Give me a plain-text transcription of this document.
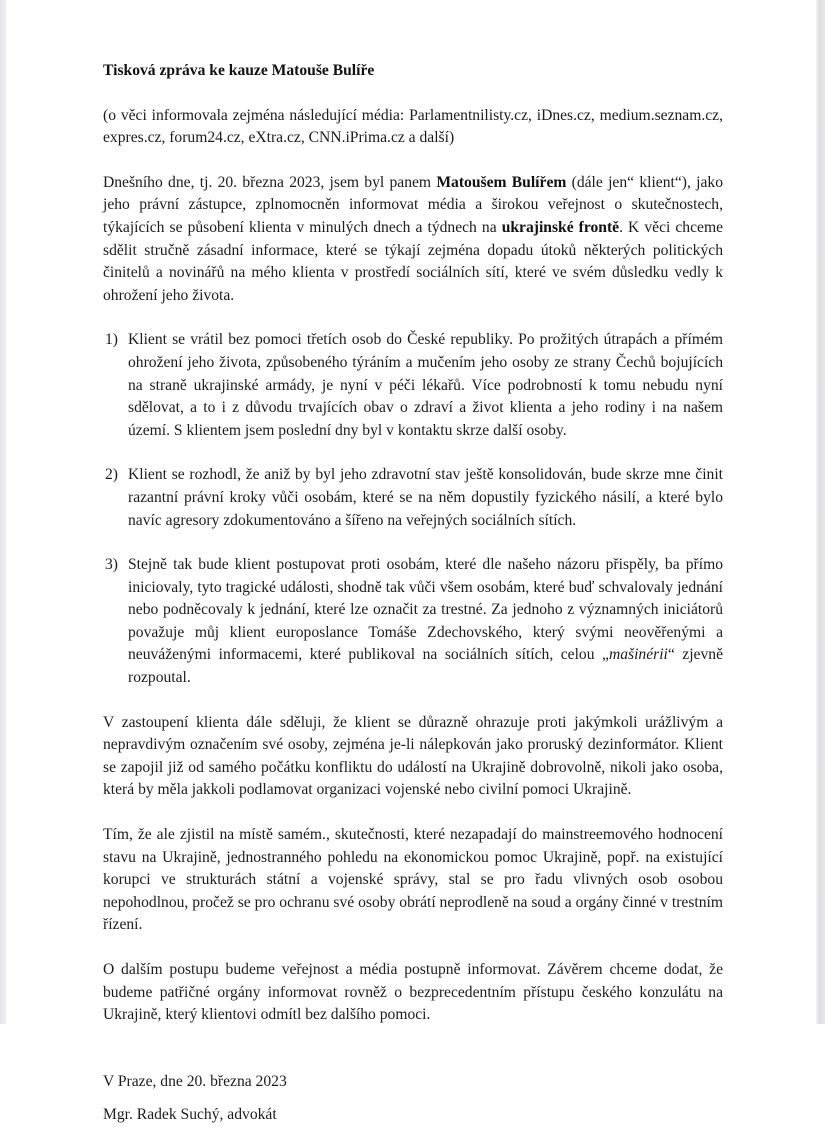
Tisková zpráva ke kauze Matouše Bulíře

(o věci informovala zejména následující média: Parlamentnilisty.cz, iDnes.cz, medium.seznam.cz, expres.cz, forum24.cz, eXtra.cz, CNN.iPrima.cz a další)

Dnešního dne, tj. 20. března 2023, jsem byl panem Matoušem Bulířem (dále jen“ klient“), jako jeho právní zástupce, zplnomocněn informovat média a širokou veřejnost o skutečnostech, týkajících se působení klienta v minulých dnech a týdnech na ukrajinské frontě. K věci chceme sdělit stručně zásadní informace, které se týkají zejména dopadu útoků některých politických činitelů a novinářů na mého klienta v prostředí sociálních sítí, které ve svém důsledku vedly k ohrožení jeho života.

1) Klient se vrátil bez pomoci třetích osob do České republiky. Po prožitých útrapách a přímém ohrožení jeho života, způsobeného týráním a mučením jeho osoby ze strany Čechů bojujících na straně ukrajinské armády, je nyní v péči lékařů. Více podrobností k tomu nebudu nyní sdělovat, a to i z důvodu trvajících obav o zdraví a život klienta a jeho rodiny i na našem území. S klientem jsem poslední dny byl v kontaktu skrze další osoby.
2) Klient se rozhodl, že aniž by byl jeho zdravotní stav ještě konsolidován, bude skrze mne činit razantní právní kroky vůči osobám, které se na něm dopustily fyzického násilí, a které bylo navíc agresory zdokumentováno a šířeno na veřejných sociálních sítích.
3) Stejně tak bude klient postupovat proti osobám, které dle našeho názoru přispěly, ba přímo iniciovaly, tyto tragické události, shodně tak vůči všem osobám, které buď schvalovaly jednání nebo podněcovaly k jednání, které lze označit za trestné. Za jednoho z významných iniciátorů považuje můj klient europoslance Tomáše Zdechovského, který svými neověřenými a neuváženými informacemi, které publikoval na sociálních sítích, celou „mašinérii“ zjevně rozpoutal.

V zastoupení klienta dále sděluji, že klient se důrazně ohrazuje proti jakýmkoli urážlivým a nepravdivým označením své osoby, zejména je-li nálepkován jako proruský dezinformátor. Klient se zapojil již od samého počátku konfliktu do událostí na Ukrajině dobrovolně, nikoli jako osoba, která by měla jakkoli podlamovat organizaci vojenské nebo civilní pomoci Ukrajině.

Tím, že ale zjistil na místě samém., skutečnosti, které nezapadají do mainstreemového hodnocení stavu na Ukrajině, jednostranného pohledu na ekonomickou pomoc Ukrajině, popř. na existující korupci ve strukturách státní a vojenské správy, stal se pro řadu vlivných osob osobou nepohodlnou, pročež se pro ochranu své osoby obrátí neprodleně na soud a orgány činné v trestním řízení.

O dalším postupu budeme veřejnost a média postupně informovat. Závěrem chceme dodat, že budeme patřičné orgány informovat rovněž o bezprecedentním přístupu českého konzulátu na Ukrajině, který klientovi odmítl bez dalšího pomoci.

V Praze, dne 20. března 2023

Mgr. Radek Suchý, advokát
